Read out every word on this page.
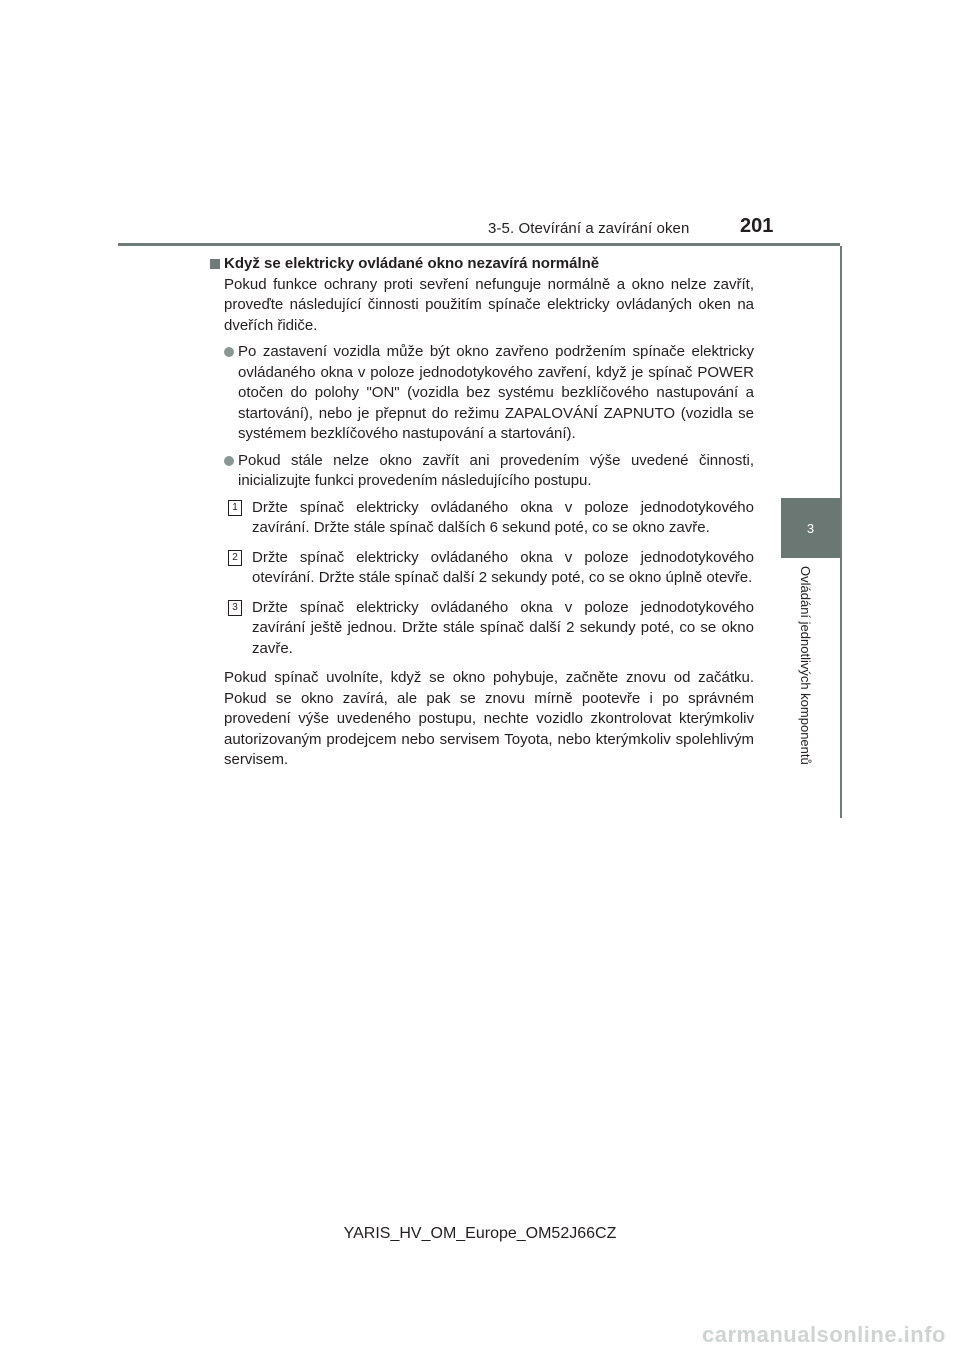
3-5. Otevírání a zavírání oken	201
3
Ovládání jednotlivých komponentů
Když se elektricky ovládané okno nezavírá normálně

Pokud funkce ochrany proti sevření nefunguje normálně a okno nelze zavřít, proveďte následující činnosti použitím spínače elektricky ovládaných oken na dveřích řidiče.

Po zastavení vozidla může být okno zavřeno podržením spínače elektricky ovládaného okna v poloze jednodotykového zavření, když je spínač POWER otočen do polohy "ON" (vozidla bez systému bezklíčového nastupování a startování), nebo je přepnut do režimu ZAPALOVÁNÍ ZAPNUTO (vozidla se systémem bezklíčového nastupování a startování).
Pokud stále nelze okno zavřít ani provedením výše uvedené činnosti, inicializujte funkci provedením následujícího postupu.
1 Držte spínač elektricky ovládaného okna v poloze jednodotykového zavírání. Držte stále spínač dalších 6 sekund poté, co se okno zavře.
2 Držte spínač elektricky ovládaného okna v poloze jednodotykového otevírání. Držte stále spínač další 2 sekundy poté, co se okno úplně otevře.
3 Držte spínač elektricky ovládaného okna v poloze jednodotykového zavírání ještě jednou. Držte stále spínač další 2 sekundy poté, co se okno zavře.

Pokud spínač uvolníte, když se okno pohybuje, začněte znovu od začátku. Pokud se okno zavírá, ale pak se znovu mírně pootevře i po správném provedení výše uvedeného postupu, nechte vozidlo zkontrolovat kterýmkoliv autorizovaným prodejcem nebo servisem Toyota, nebo kterýmkoliv spolehlivým servisem.

YARIS_HV_OM_Europe_OM52J66CZ
carmanualsonline.info
